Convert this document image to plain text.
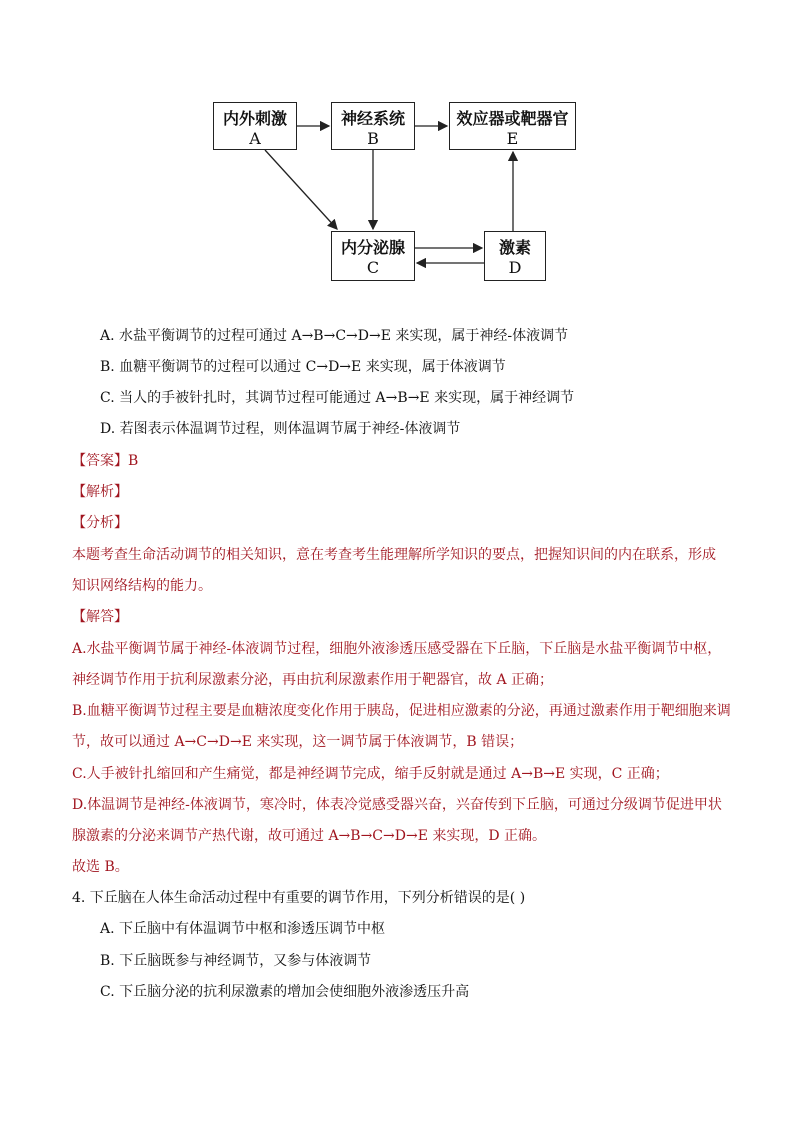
内外刺激
A
神经系统
B
效应器或靶器官
E
内分泌腺
C
激素
D
A. 水盐平衡调节的过程可通过 A→B→C→D→E 来实现，属于神经-体液调节
B. 血糖平衡调节的过程可以通过 C→D→E 来实现，属于体液调节
C. 当人的手被针扎时，其调节过程可能通过 A→B→E 来实现，属于神经调节
D. 若图表示体温调节过程，则体温调节属于神经-体液调节
【答案】B
【解析】
【分析】
本题考查生命活动调节的相关知识，意在考查考生能理解所学知识的要点，把握知识间的内在联系，形成
知识网络结构的能力。
【解答】
A.水盐平衡调节属于神经-体液调节过程，细胞外液渗透压感受器在下丘脑，下丘脑是水盐平衡调节中枢，
神经调节作用于抗利尿激素分泌，再由抗利尿激素作用于靶器官，故 A 正确；
B.血糖平衡调节过程主要是血糖浓度变化作用于胰岛，促进相应激素的分泌，再通过激素作用于靶细胞来调
节，故可以通过 A→C→D→E 来实现，这一调节属于体液调节，B 错误；
C.人手被针扎缩回和产生痛觉，都是神经调节完成，缩手反射就是通过 A→B→E 实现，C 正确；
D.体温调节是神经-体液调节，寒冷时，体表冷觉感受器兴奋，兴奋传到下丘脑，可通过分级调节促进甲状
腺激素的分泌来调节产热代谢，故可通过 A→B→C→D→E 来实现，D 正确。
故选 B。
4. 下丘脑在人体生命活动过程中有重要的调节作用，下列分析错误的是( )
A. 下丘脑中有体温调节中枢和渗透压调节中枢
B. 下丘脑既参与神经调节，又参与体液调节
C. 下丘脑分泌的抗利尿激素的增加会使细胞外液渗透压升高
